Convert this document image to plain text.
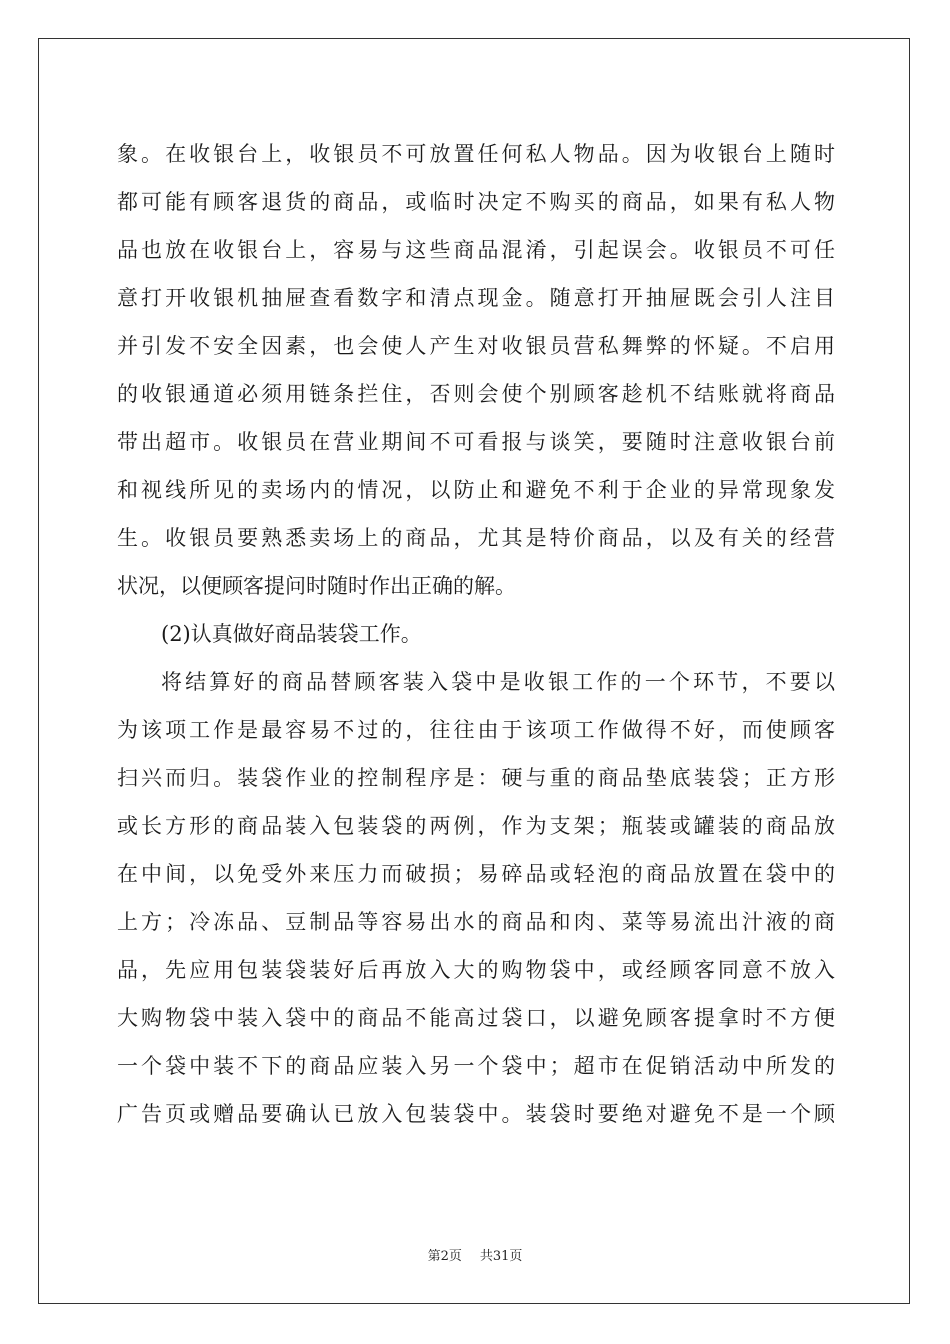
象。在收银台上，收银员不可放置任何私人物品。因为收银台上随时
都可能有顾客退货的商品，或临时决定不购买的商品，如果有私人物
品也放在收银台上，容易与这些商品混淆，引起误会。收银员不可任
意打开收银机抽屉查看数字和清点现金。随意打开抽屉既会引人注目
并引发不安全因素，也会使人产生对收银员营私舞弊的怀疑。不启用
的收银通道必须用链条拦住，否则会使个别顾客趁机不结账就将商品
带出超市。收银员在营业期间不可看报与谈笑，要随时注意收银台前
和视线所见的卖场内的情况，以防止和避免不利于企业的异常现象发
生。收银员要熟悉卖场上的商品，尤其是特价商品，以及有关的经营
状况，以便顾客提问时随时作出正确的解。
(2)认真做好商品装袋工作。
将结算好的商品替顾客装入袋中是收银工作的一个环节，不要以
为该项工作是最容易不过的，往往由于该项工作做得不好，而使顾客
扫兴而归。装袋作业的控制程序是：硬与重的商品垫底装袋；正方形
或长方形的商品装入包装袋的两例，作为支架；瓶装或罐装的商品放
在中间，以免受外来压力而破损；易碎品或轻泡的商品放置在袋中的
上方；冷冻品、豆制品等容易出水的商品和肉、菜等易流出汁液的商
品，先应用包装袋装好后再放入大的购物袋中，或经顾客同意不放入
大购物袋中装入袋中的商品不能高过袋口，以避免顾客提拿时不方便
一个袋中装不下的商品应装入另一个袋中；超市在促销活动中所发的
广告页或赠品要确认已放入包装袋中。装袋时要绝对避免不是一个顾
第2页 共31页
